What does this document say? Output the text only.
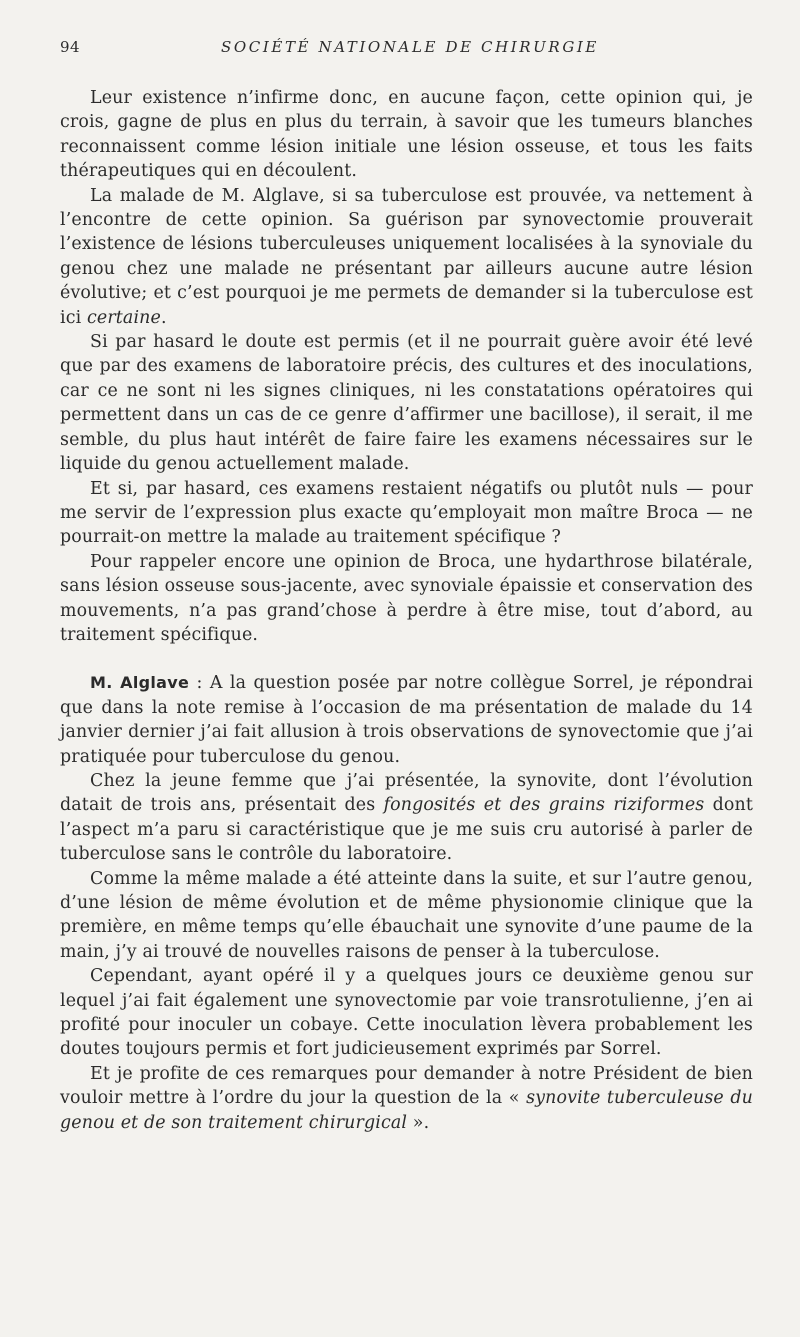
94	SOCIÉTÉ NATIONALE DE CHIRURGIE

Leur existence n’infirme donc, en aucune façon, cette opinion qui, je crois, gagne de plus en plus du terrain, à savoir que les tumeurs blanches reconnaissent comme lésion initiale une lésion osseuse, et tous les faits thérapeutiques qui en découlent.

La malade de M. Alglave, si sa tuberculose est prouvée, va nettement à l’encontre de cette opinion. Sa guérison par synovectomie prouverait l’existence de lésions tuberculeuses uniquement localisées à la synoviale du genou chez une malade ne présentant par ailleurs aucune autre lésion évolutive; et c’est pourquoi je me permets de demander si la tuberculose est ici certaine.

Si par hasard le doute est permis (et il ne pourrait guère avoir été levé que par des examens de laboratoire précis, des cultures et des inoculations, car ce ne sont ni les signes cliniques, ni les constatations opératoires qui permettent dans un cas de ce genre d’affirmer une bacillose), il serait, il me semble, du plus haut intérêt de faire faire les examens nécessaires sur le liquide du genou actuellement malade.

Et si, par hasard, ces examens restaient négatifs ou plutôt nuls — pour me servir de l’expression plus exacte qu’employait mon maître Broca — ne pourrait-on mettre la malade au traitement spécifique ?

Pour rappeler encore une opinion de Broca, une hydarthrose bilatérale, sans lésion osseuse sous-jacente, avec synoviale épaissie et conservation des mouvements, n’a pas grand’chose à perdre à être mise, tout d’abord, au traitement spécifique.

M. Alglave : A la question posée par notre collègue Sorrel, je répondrai que dans la note remise à l’occasion de ma présentation de malade du 14 janvier dernier j’ai fait allusion à trois observations de synovectomie que j’ai pratiquée pour tuberculose du genou.

Chez la jeune femme que j’ai présentée, la synovite, dont l’évolution datait de trois ans, présentait des fongosités et des grains riziformes dont l’aspect m’a paru si caractéristique que je me suis cru autorisé à parler de tuberculose sans le contrôle du laboratoire.

Comme la même malade a été atteinte dans la suite, et sur l’autre genou, d’une lésion de même évolution et de même physionomie clinique que la première, en même temps qu’elle ébauchait une synovite d’une paume de la main, j’y ai trouvé de nouvelles raisons de penser à la tuberculose.

Cependant, ayant opéré il y a quelques jours ce deuxième genou sur lequel j’ai fait également une synovectomie par voie transrotulienne, j’en ai profité pour inoculer un cobaye. Cette inoculation lèvera probablement les doutes toujours permis et fort judicieusement exprimés par Sorrel.

Et je profite de ces remarques pour demander à notre Président de bien vouloir mettre à l’ordre du jour la question de la « synovite tuberculeuse du genou et de son traitement chirurgical ».
